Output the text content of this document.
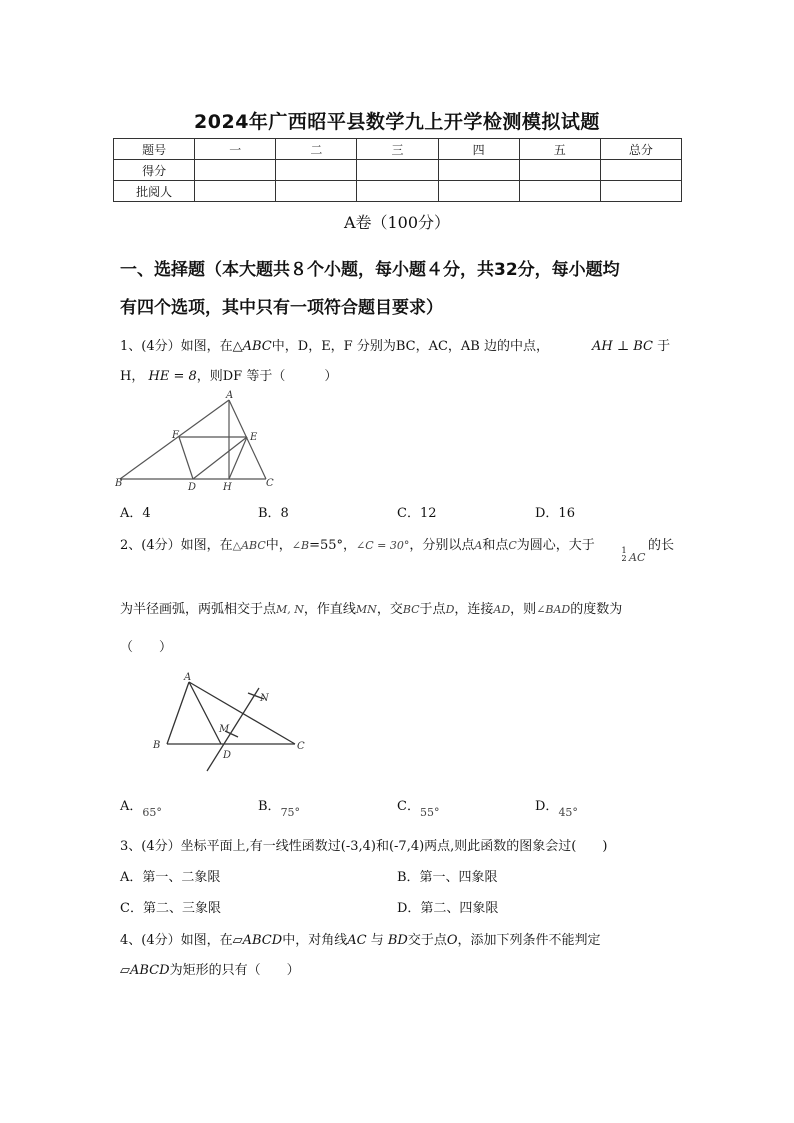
2024年广西昭平县数学九上开学检测模拟试题
题号	一	二	三	四	五	总分
得分						
批阅人						
A卷（100分）
一、选择题（本大题共８个小题，每小题４分，共32分，每小题均
有四个选项，其中只有一项符合题目要求）
1、(4分）如图，在△ABC中，D，E，F 分别为BC，AC，AB 边的中点，	AH ⊥ BC 于
H， HE = 8，则DF 等于（　　　）
A
B	C
D
E
F
H
A．4	B．8	C．12	D．16
2、(4分）如图，在△ABC中，∠B=55°，∠C = 30°，分别以点A和点C为圆心，大于	1
2 AC
的长
为半径画弧，两弧相交于点M, N，作直线MN，交BC于点D，连接AD，则∠BAD的度数为
（　　）
A
B	C
D
M
N
A．$_{65^\circ}$	B．$_{75^\circ}$	C．$_{55^\circ}$	D．$_{45^\circ}$
3、(4分）坐标平面上,有一线性函数过(-3,4)和(-7,4)两点,则此函数的图象会过(　　)
A．第一、二象限	B．第一、四象限
C．第二、三象限	D．第二、四象限
4、(4分）如图，在▱ABCD中，对角线AC 与 BD交于点O，添加下列条件不能判定
▱ABCD为矩形的只有（　　）
